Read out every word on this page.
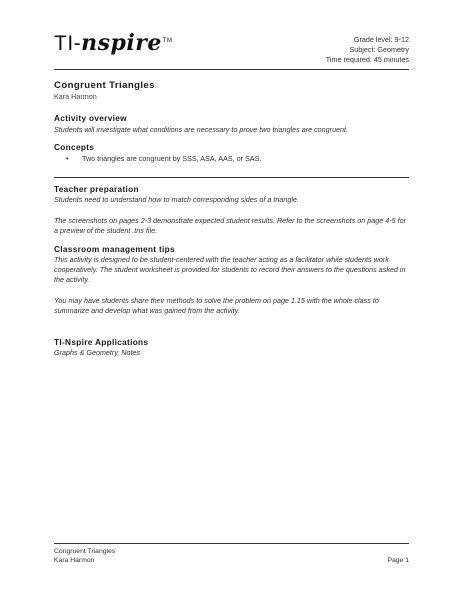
TI-nspire™	Grade level: 9-12
Subject: Geometry
Time required: 45 minutes

Congruent Triangles

Kara Harmon

Activity overview

Students will investigate what conditions are necessary to prove two triangles are congruent.

Concepts

•	Two triangles are congruent by SSS, ASA, AAS, or SAS.

Teacher preparation

Students need to understand how to match corresponding sides of a triangle.

The screenshots on pages 2-3 demonstrate expected student results. Refer to the screenshots on page 4-5 for a preview of the student .tns file.

Classroom management tips

This activity is designed to be student-centered with the teacher acting as a facilitator while students work cooperatively. The student worksheet is provided for students to record their answers to the questions asked in the activity.

You may have students share their methods to solve the problem on page 1.15 with the whole class to summarize and develop what was gained from the activity.

TI-Nspire Applications

Graphs & Geometry, Notes

Congruent Triangles
Kara Harmon	Page 1
